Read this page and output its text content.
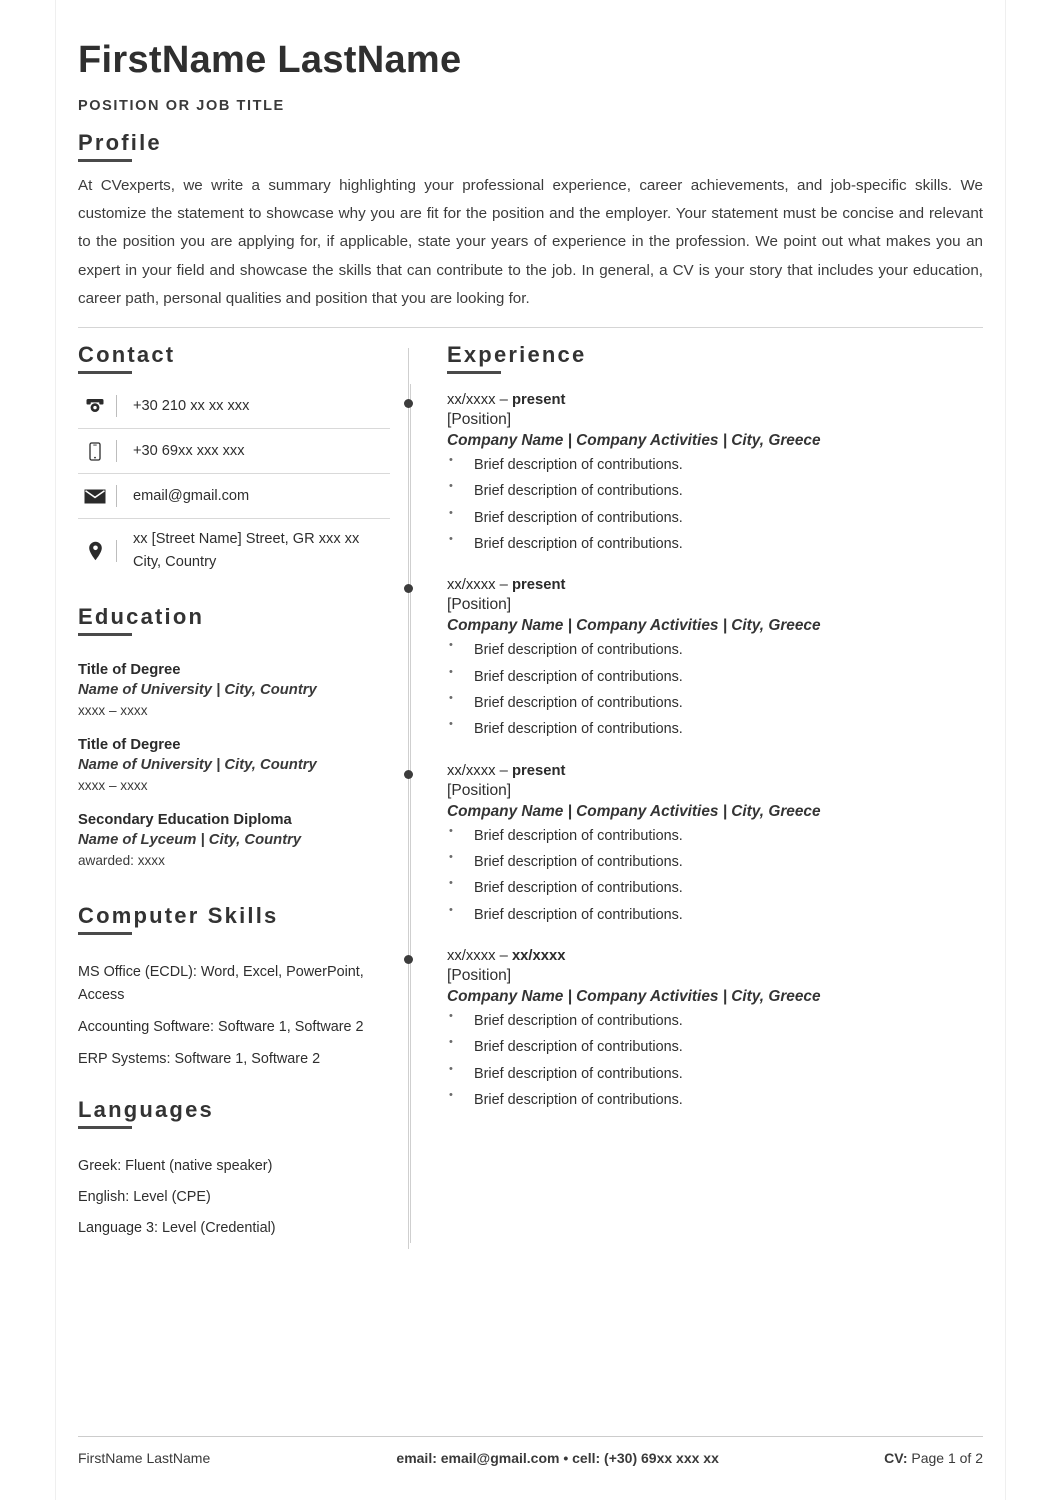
FirstName LastName
POSITION OR JOB TITLE
Profile

At CVexperts, we write a summary highlighting your professional experience, career achievements, and job-specific skills. We customize the statement to showcase why you are fit for the position and the employer. Your statement must be concise and relevant to the position you are applying for, if applicable, state your years of experience in the profession. We point out what makes you an expert in your field and showcase the skills that can contribute to the job. In general, a CV is your story that includes your education, career path, personal qualities and position that you are looking for.

Contact
+30 210 xx xx xxx
+30 69xx xxx xxx
email@gmail.com
xx [Street Name] Street, GR xxx xx City, Country
Education
Title of Degree
Name of University | City, Country
xxxx – xxxx
Title of Degree
Name of University | City, Country
xxxx – xxxx
Secondary Education Diploma
Name of Lyceum | City, Country
awarded: xxxx
Computer Skills
MS Office (ECDL): Word, Excel, PowerPoint, Access
Accounting Software: Software 1, Software 2
ERP Systems: Software 1, Software 2
Languages
Greek: Fluent (native speaker)
English: Level (CPE)
Language 3: Level (Credential)
Experience
xx/xxxx – present
[Position]
Company Name | Company Activities | City, Greece
• Brief description of contributions.
• Brief description of contributions.
• Brief description of contributions.
• Brief description of contributions.
xx/xxxx – present
[Position]
Company Name | Company Activities | City, Greece
• Brief description of contributions.
• Brief description of contributions.
• Brief description of contributions.
• Brief description of contributions.
xx/xxxx – present
[Position]
Company Name | Company Activities | City, Greece
• Brief description of contributions.
• Brief description of contributions.
• Brief description of contributions.
• Brief description of contributions.
xx/xxxx – xx/xxxx
[Position]
Company Name | Company Activities | City, Greece
• Brief description of contributions.
• Brief description of contributions.
• Brief description of contributions.
• Brief description of contributions.
FirstName LastName	email: email@gmail.com • cell: (+30) 69xx xxx xx	CV: Page 1 of 2
